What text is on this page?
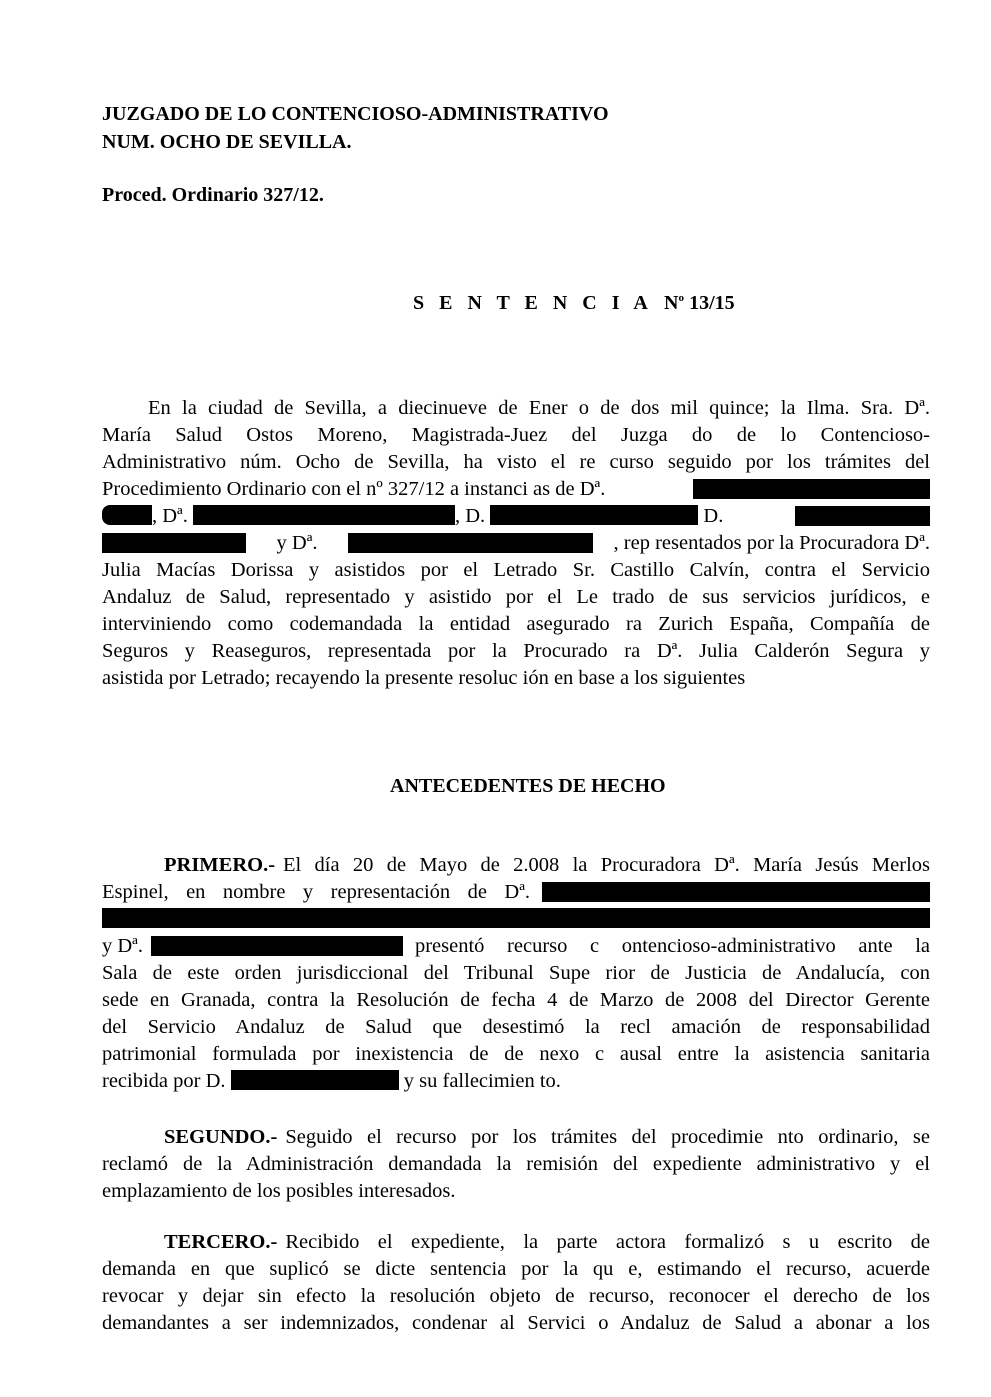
JUZGADO DE LO CONTENCIOSO-ADMINISTRATIVO
NUM. OCHO DE SEVILLA.
Proced. Ordinario 327/12.
S E N T E N C I A $N^o$ 13/15
En la ciudad de Sevilla, a diecinueve de Ener o de dos mil quince; la Ilma. Sra. Dª.
María Salud Ostos Moreno, Magistrada-Juez del Juzga do de lo Contencioso-
Administrativo núm. Ocho de Sevilla, ha visto el re curso seguido por los trámites del
Procedimiento Ordinario con el nº 327/12 a instanci as de Dª.
, Dª.	, D.	D.
y Dª.	, rep resentados por la Procuradora Dª.
Julia Macías Dorissa y asistidos por el Letrado Sr. Castillo Calvín, contra el Servicio
Andaluz de Salud, representado y asistido por el Le trado de sus servicios jurídicos, e
interviniendo como codemandada la entidad asegurado ra Zurich España, Compañía de
Seguros y Reaseguros, representada por la Procurado ra Dª. Julia Calderón Segura y
asistida por Letrado; recayendo la presente resoluc ión en base a los siguientes
ANTECEDENTES DE HECHO
PRIMERO.- El día 20 de Mayo de 2.008 la Procuradora Dª. María Jesús Merlos
Espinel, en nombre y representación de Dª.
y Dª.	presentó recurso c ontencioso-administrativo ante la
Sala de este orden jurisdiccional del Tribunal Supe rior de Justicia de Andalucía, con
sede en Granada, contra la Resolución de fecha 4 de Marzo de 2008 del Director Gerente
del Servicio Andaluz de Salud que desestimó la recl amación de responsabilidad
patrimonial formulada por inexistencia de de nexo c ausal entre la asistencia sanitaria
recibida por D.	y su fallecimien to.
SEGUNDO.- Seguido el recurso por los trámites del procedimie nto ordinario, se
reclamó de la Administración demandada la remisión del expediente administrativo y el
emplazamiento de los posibles interesados.
TERCERO.- Recibido el expediente, la parte actora formalizó s u escrito de
demanda en que suplicó se dicte sentencia por la qu e, estimando el recurso, acuerde
revocar y dejar sin efecto la resolución objeto de recurso, reconocer el derecho de los
demandantes a ser indemnizados, condenar al Servici o Andaluz de Salud a abonar a los
